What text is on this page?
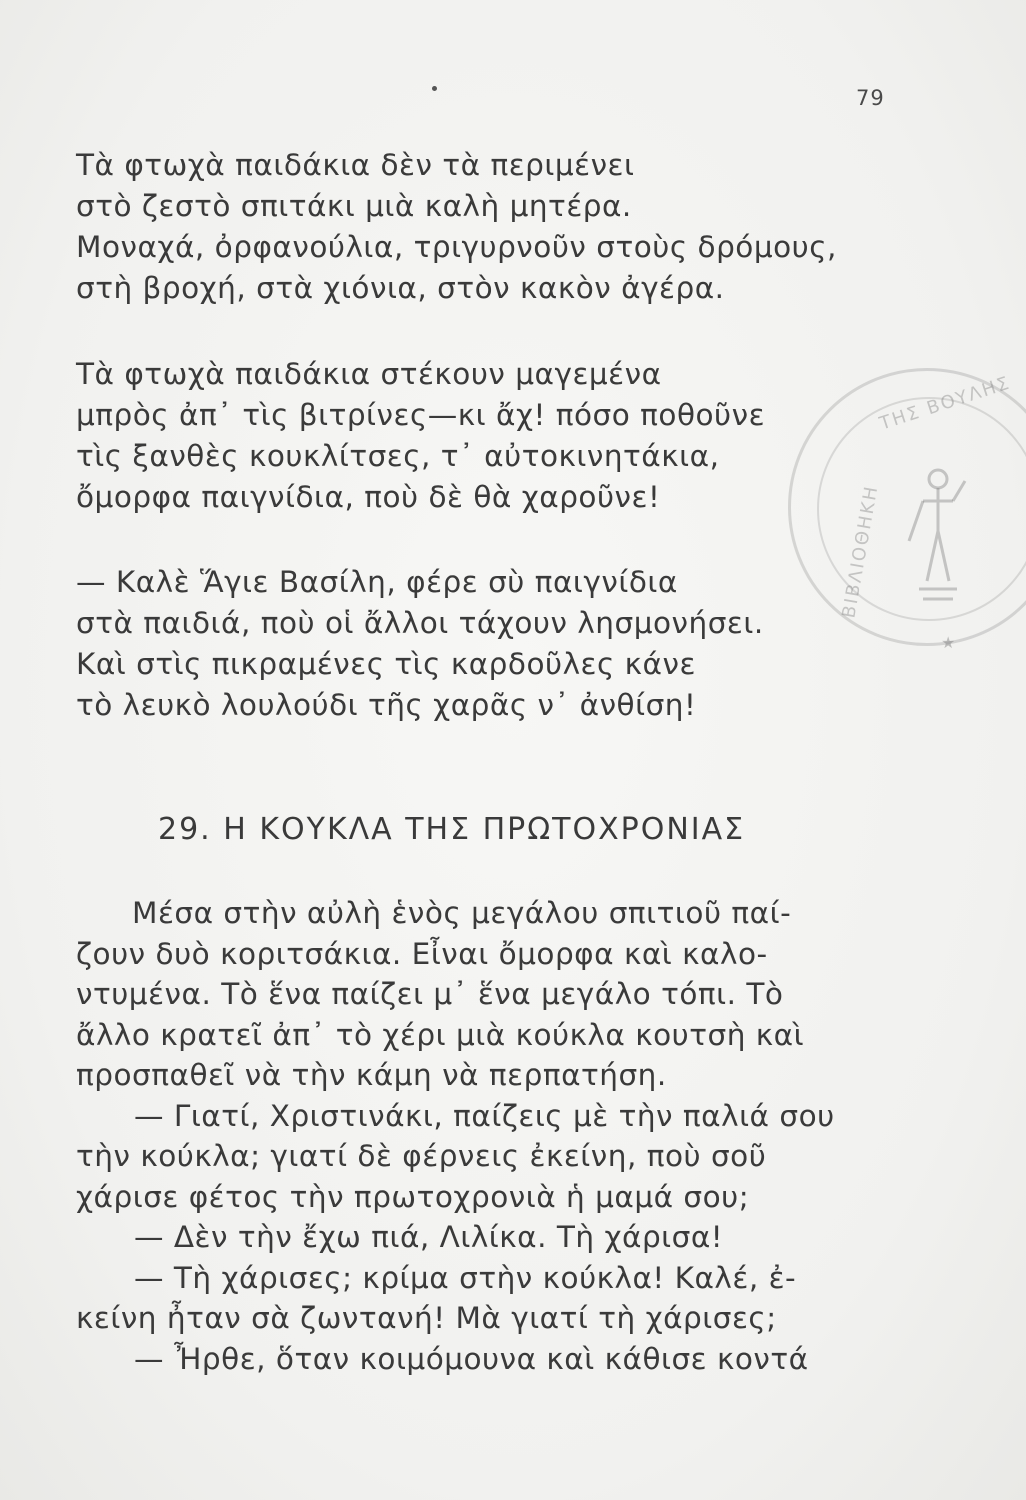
79
ΤΗΣ ΒΟΥΛΗΣ
ΒΙΒΛΙΟΘΗΚΗ
★
Τὰ φτωχὰ παιδάκια δὲν τὰ περιμένει
στὸ ζεστὸ σπιτάκι μιὰ καλὴ μητέρα.
Μοναχά, ὀρφανούλια, τριγυρνοῦν στοὺς δρόμους,
στὴ βροχή, στὰ χιόνια, στὸν κακὸν ἀγέρα.
Τὰ φτωχὰ παιδάκια στέκουν μαγεμένα
μπρὸς ἀπ᾽ τὶς βιτρίνες—κι ἄχ! πόσο ποθοῦνε
τὶς ξανθὲς κουκλίτσες, τ᾽ αὐτοκινητάκια,
ὄμορφα παιγνίδια, ποὺ δὲ θὰ χαροῦνε!
— Καλὲ Ἅγιε Βασίλη, φέρε σὺ παιγνίδια
στὰ παιδιά, ποὺ οἱ ἄλλοι τάχουν λησμονήσει.
Καὶ στὶς πικραμένες τὶς καρδοῦλες κάνε
τὸ λευκὸ λουλούδι τῆς χαρᾶς ν᾽ ἀνθίση!
29. Η ΚΟΥΚΛΑ ΤΗΣ ΠΡΩΤΟΧΡΟΝΙΑΣ
Μέσα στὴν αὐλὴ ἑνὸς μεγάλου σπιτιοῦ παί-
ζουν δυὸ κοριτσάκια. Εἶναι ὄμορφα καὶ καλο-
ντυμένα. Τὸ ἕνα παίζει μ᾽ ἕνα μεγάλο τόπι. Τὸ
ἄλλο κρατεῖ ἀπ᾽ τὸ χέρι μιὰ κούκλα κουτσὴ καὶ
προσπαθεῖ νὰ τὴν κάμη νὰ περπατήση.
— Γιατί, Χριστινάκι, παίζεις μὲ τὴν παλιά σου
τὴν κούκλα; γιατί δὲ φέρνεις ἐκείνη, ποὺ σοῦ
χάρισε φέτος τὴν πρωτοχρονιὰ ἡ μαμά σου;
— Δὲν τὴν ἔχω πιά, Λιλίκα. Τὴ χάρισα!
— Τὴ χάρισες; κρίμα στὴν κούκλα! Καλέ, ἐ-
κείνη ἦταν σὰ ζωντανή! Μὰ γιατί τὴ χάρισες;
— Ἦρθε, ὅταν κοιμόμουνα καὶ κάθισε κοντά
